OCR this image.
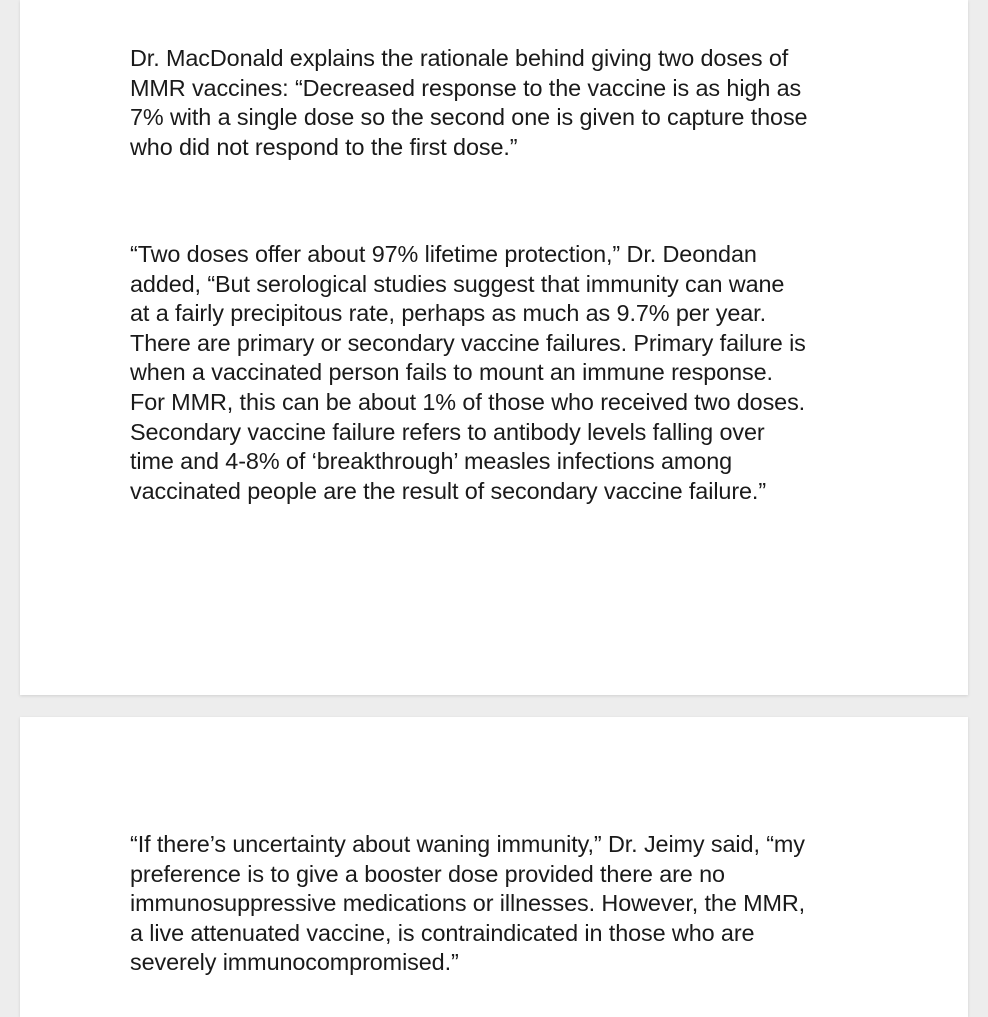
Dr. MacDonald explains the rationale behind giving two doses of
MMR vaccines: “Decreased response to the vaccine is as high as
7% with a single dose so the second one is given to capture those
who did not respond to the first dose.”

“Two doses offer about 97% lifetime protection,” Dr. Deondan
added, “But serological studies suggest that immunity can wane
at a fairly precipitous rate, perhaps as much as 9.7% per year.
There are primary or secondary vaccine failures. Primary failure is
when a vaccinated person fails to mount an immune response.
For MMR, this can be about 1% of those who received two doses.
Secondary vaccine failure refers to antibody levels falling over
time and 4-8% of ‘breakthrough’ measles infections among
vaccinated people are the result of secondary vaccine failure.”

“If there’s uncertainty about waning immunity,” Dr. Jeimy said, “my
preference is to give a booster dose provided there are no
immunosuppressive medications or illnesses. However, the MMR,
a live attenuated vaccine, is contraindicated in those who are
severely immunocompromised.”
